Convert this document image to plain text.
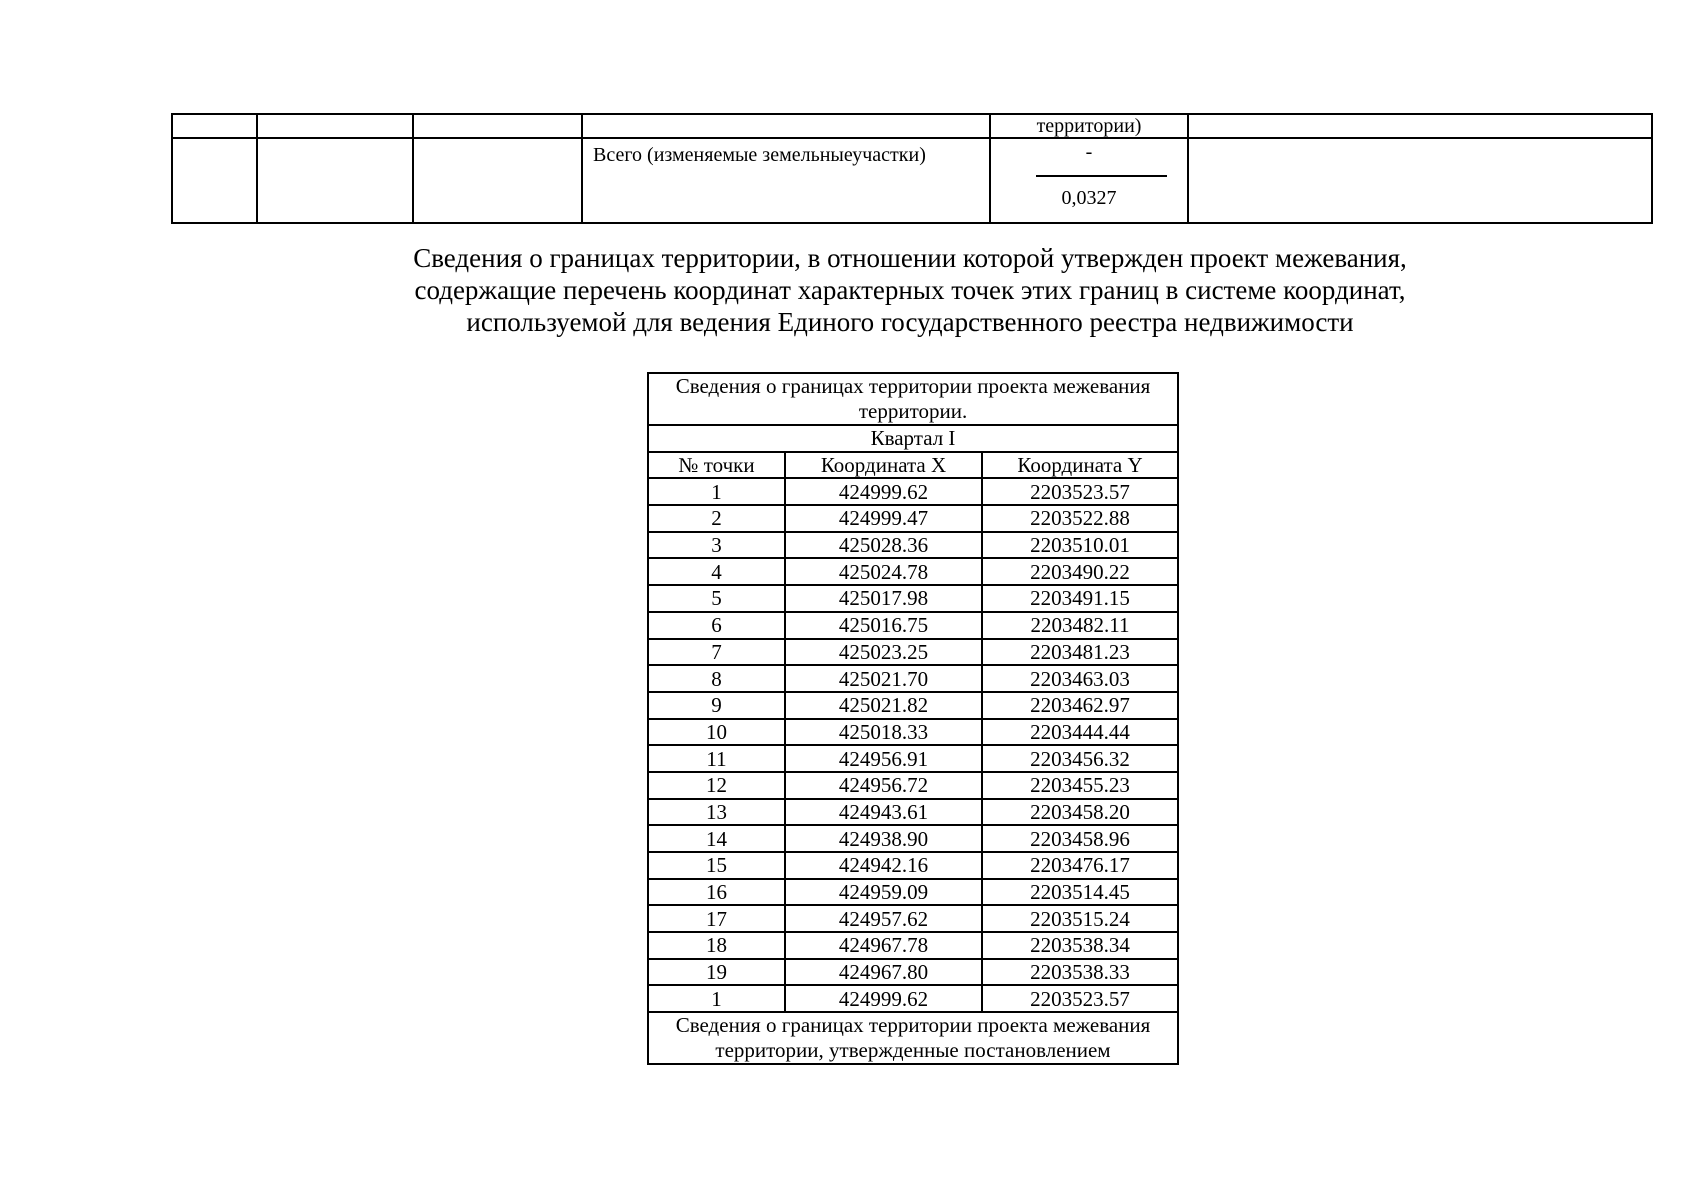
				территории)	
			Всего (изменяемые земельныеучастки)	-
0,0327	

Сведения о границах территории, в отношении которой утвержден проект межевания,
содержащие перечень координат характерных точек этих границ в системе координат,
используемой для ведения Единого государственного реестра недвижимости
Сведения о границах территории проекта межевания территории.		
Квартал I		
№ точки	Координата X	Координата Y
1	424999.62	2203523.57
2	424999.47	2203522.88
3	425028.36	2203510.01
4	425024.78	2203490.22
5	425017.98	2203491.15
6	425016.75	2203482.11
7	425023.25	2203481.23
8	425021.70	2203463.03
9	425021.82	2203462.97
10	425018.33	2203444.44
11	424956.91	2203456.32
12	424956.72	2203455.23
13	424943.61	2203458.20
14	424938.90	2203458.96
15	424942.16	2203476.17
16	424959.09	2203514.45
17	424957.62	2203515.24
18	424967.78	2203538.34
19	424967.80	2203538.33
1	424999.62	2203523.57
Сведения о границах территории проекта межевания территории, утвержденные постановлением		
